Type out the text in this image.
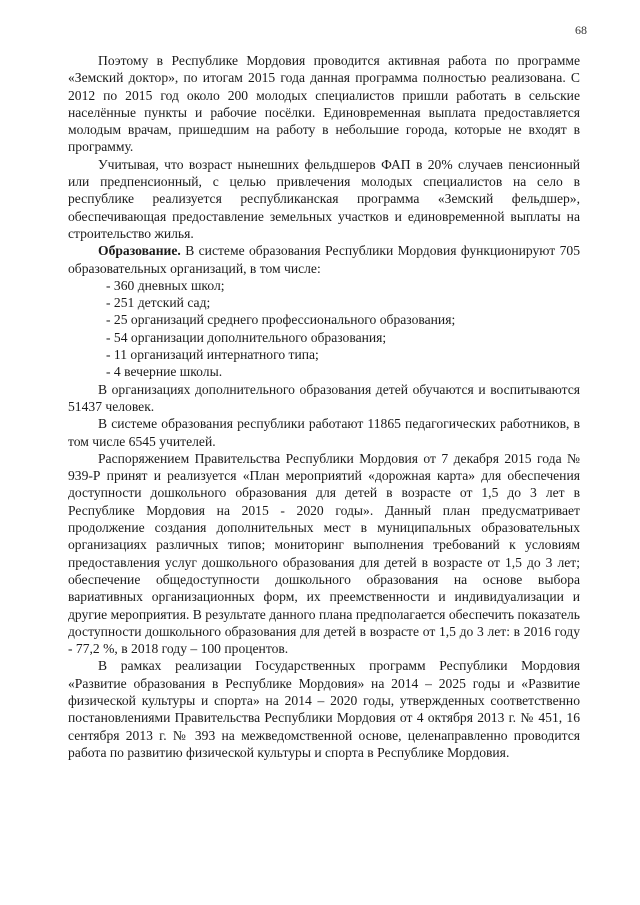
68

Поэтому в Республике Мордовия проводится активная работа по программе «Земский доктор», по итогам 2015 года данная программа полностью реализована. С 2012 по 2015 год около 200 молодых специалистов пришли работать в сельские населённые пункты и рабочие посёлки. Единовременная выплата предоставляется молодым врачам, пришедшим на работу в небольшие города, которые не входят в программу.

Учитывая, что возраст нынешних фельдшеров ФАП в 20% случаев пенсионный или предпенсионный, с целью привлечения молодых специалистов на село в республике реализуется республиканская программа «Земский фельдшер», обеспечивающая предоставление земельных участков и единовременной выплаты на строительство жилья.

Образование. В системе образования Республики Мордовия функционируют 705 образовательных организаций, в том числе:

- 360 дневных школ;
- 251 детский сад;
- 25 организаций среднего профессионального образования;
- 54 организации дополнительного образования;
- 11 организаций интернатного типа;
- 4 вечерние школы.

В организациях дополнительного образования детей обучаются и воспитываются 51437 человек.

В системе образования республики работают 11865 педагогических работников, в том числе 6545 учителей.

Распоряжением Правительства Республики Мордовия от 7 декабря 2015 года № 939-Р принят и реализуется «План мероприятий «дорожная карта» для обеспечения доступности дошкольного образования для детей в возрасте от 1,5 до 3 лет в Республике Мордовия на 2015 - 2020 годы». Данный план предусматривает продолжение создания дополнительных мест в муниципальных образовательных организациях различных типов; мониторинг выполнения требований к условиям предоставления услуг дошкольного образования для детей в возрасте от 1,5 до 3 лет; обеспечение общедоступности дошкольного образования на основе выбора вариативных организационных форм, их преемственности и индивидуализации и другие мероприятия. В результате данного плана предполагается обеспечить показатель доступности дошкольного образования для детей в возрасте от 1,5 до 3 лет: в 2016 году - 77,2 %, в 2018 году – 100 процентов.

В рамках реализации Государственных программ Республики Мордовия «Развитие образования в Республике Мордовия» на 2014 – 2025 годы и «Развитие физической культуры и спорта» на 2014 – 2020 годы, утвержденных соответственно постановлениями Правительства Республики Мордовия от 4 октября 2013 г. № 451, 16 сентября 2013 г. № 393 на межведомственной основе, целенаправленно проводится работа по развитию физической культуры и спорта в Республике Мордовия.
